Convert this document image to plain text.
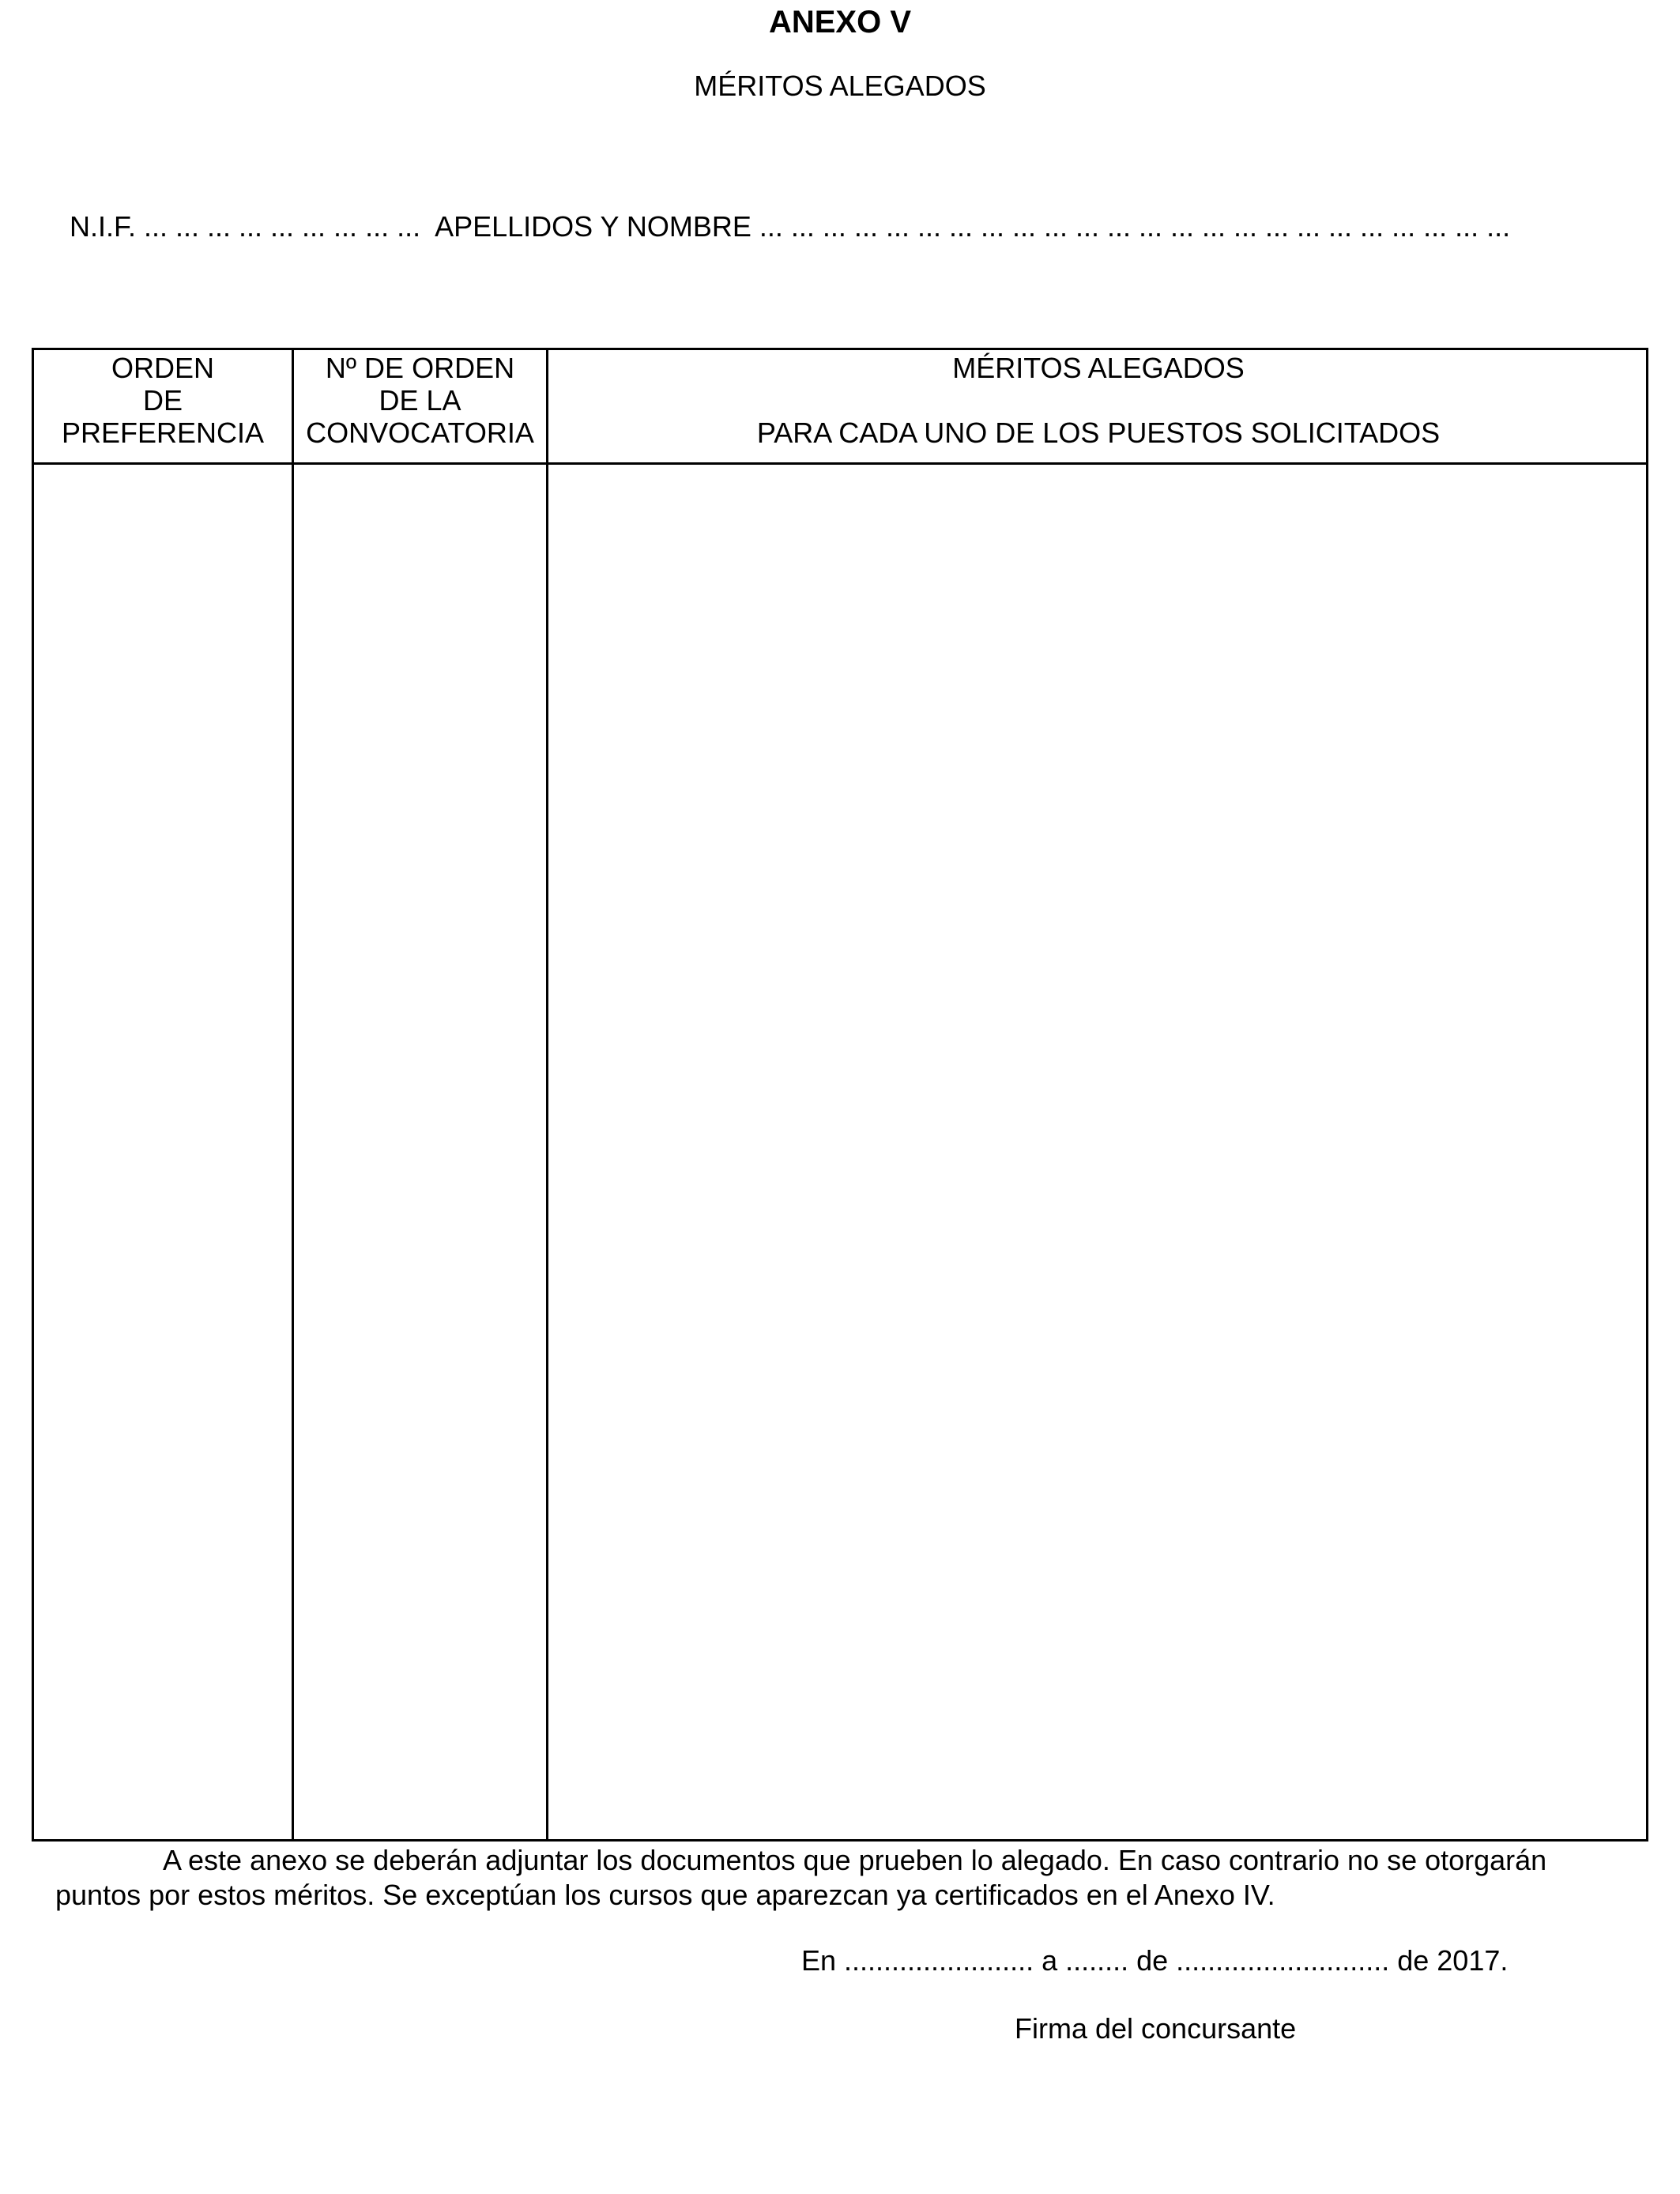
ANEXO V
MÉRITOS ALEGADOS
N.I.F. ... ... ... ... ... ... ... ... ...  APELLIDOS Y NOMBRE ... ... ... ... ... ... ... ... ... ... ... ... ... ... ... ... ... ... ... ... ... ... ... ...
ORDEN
DE
PREFERENCIA
Nº DE ORDEN
DE LA
CONVOCATORIA
MÉRITOS ALEGADOS
PARA CADA UNO DE LOS PUESTOS SOLICITADOS
A este anexo se deberán adjuntar los documentos que prueben lo alegado. En caso contrario no se otorgarán puntos por estos méritos. Se exceptúan los cursos que aparezcan ya certificados en el Anexo IV.
En ........................ a ........ de ........................... de 2017.
Firma del concursante
